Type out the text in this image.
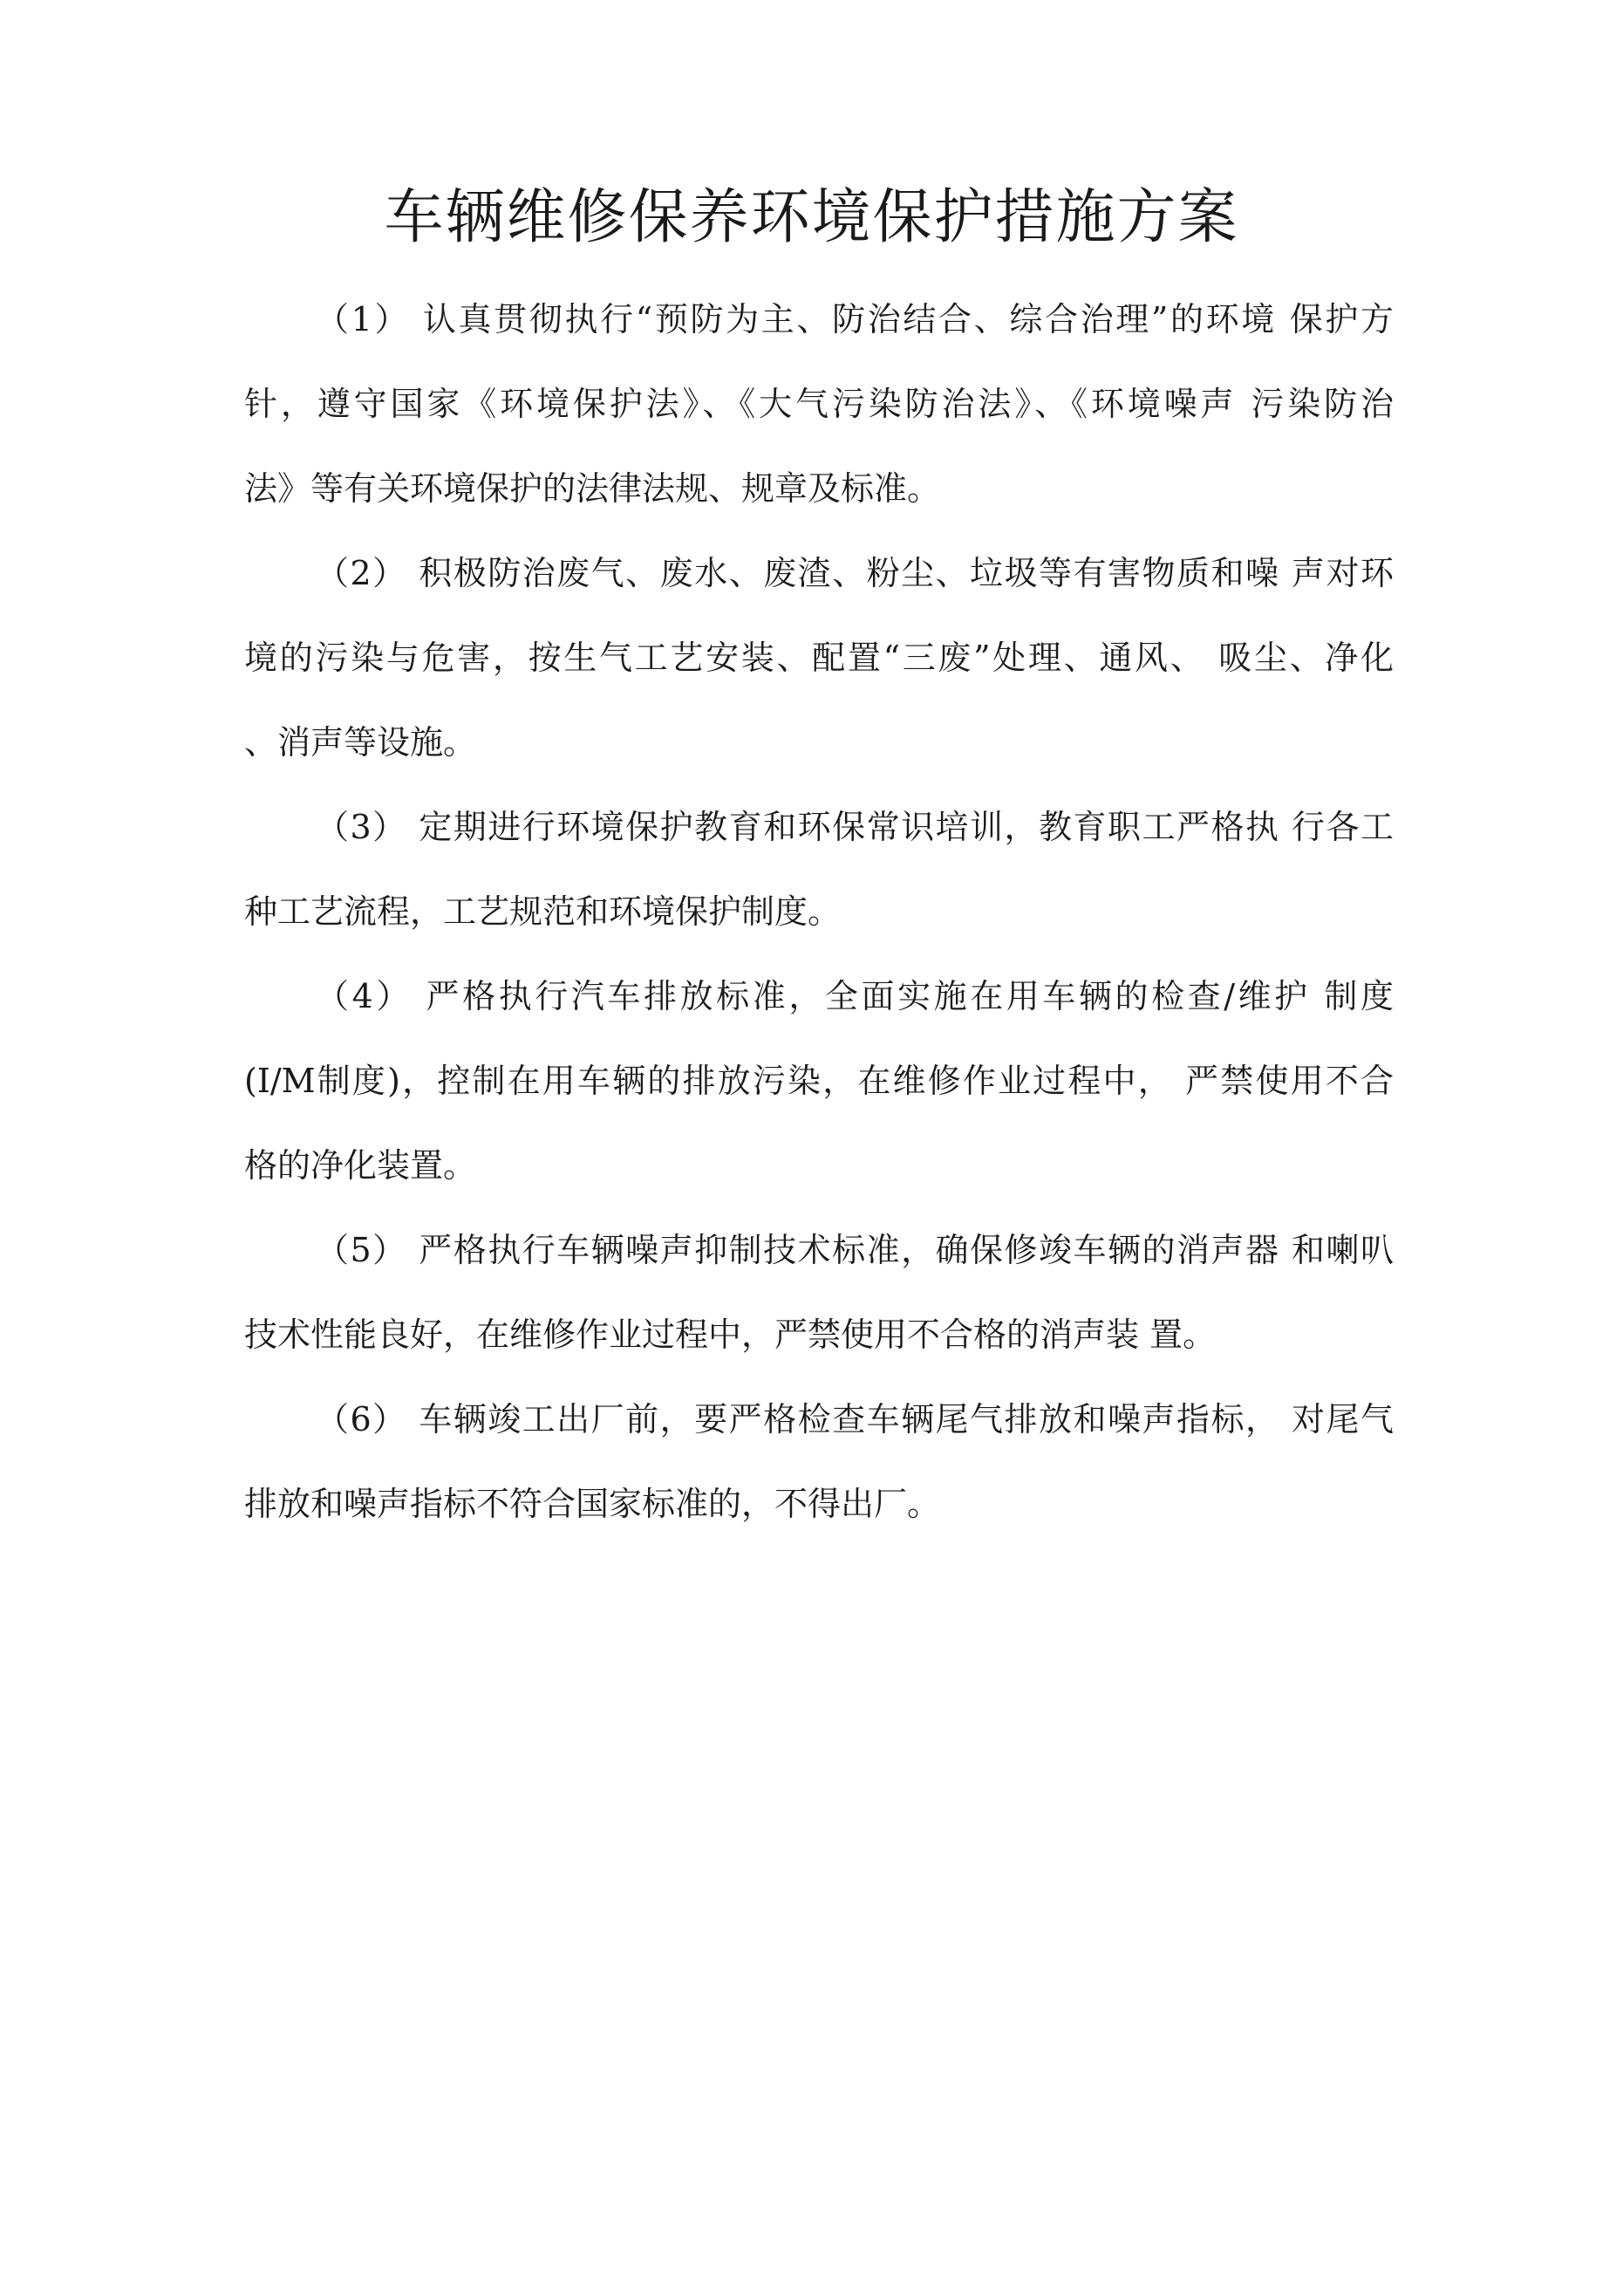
车辆维修保养环境保护措施方案

（1） 认真贯彻执行“预防为主、防治结合、综合治理”的环境 保护方

针，遵守国家《环境保护法》、《大气污染防治法》、《环境噪声 污染防治

法》等有关环境保护的法律法规、规章及标准。

（2） 积极防治废气、废水、废渣、粉尘、垃圾等有害物质和噪 声对环

境的污染与危害，按生气工艺安装、配置“三废”处理、通风、 吸尘、净化

、消声等设施。

（3） 定期进行环境保护教育和环保常识培训，教育职工严格执 行各工

种工艺流程，工艺规范和环境保护制度。

（4） 严格执行汽车排放标准，全面实施在用车辆的检查/维护 制度

(I/M制度)，控制在用车辆的排放污染，在维修作业过程中， 严禁使用不合

格的净化装置。

（5） 严格执行车辆噪声抑制技术标准，确保修竣车辆的消声器 和喇叭

技术性能良好，在维修作业过程中，严禁使用不合格的消声装 置。

（6） 车辆竣工出厂前，要严格检查车辆尾气排放和噪声指标， 对尾气

排放和噪声指标不符合国家标准的，不得出厂。
